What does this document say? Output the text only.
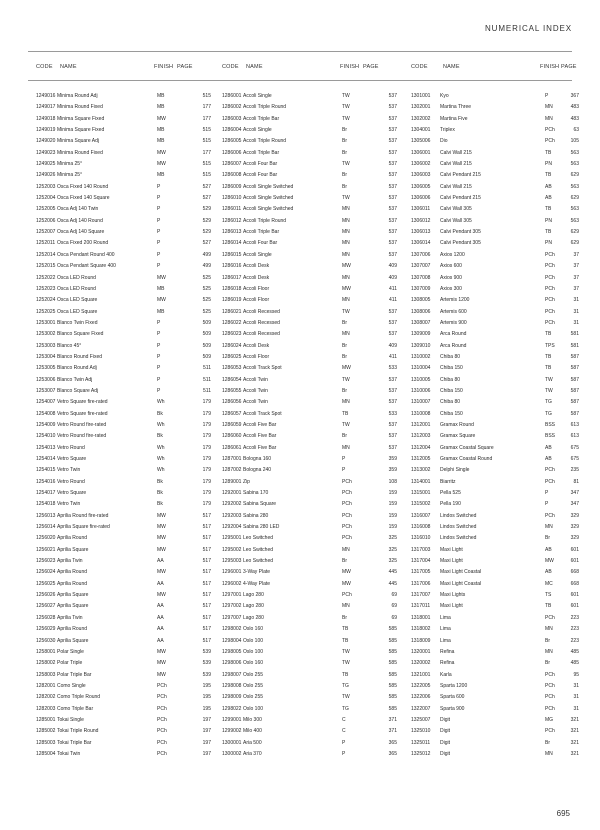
NUMERICAL INDEX
CODE NAME	FINISH PAGE
1249016 Minima Round Adj	MB	515
1249017 Minima Round Fixed	MB	177
1249018 Minima Square Fixed	MW	177
1249019 Minima Square Fixed	MB	515
1249020 Minima Square Adj	MB	515
1249023 Minima Round Fixed	MW	177
1249025 Minima 25°	MW	515
1249026 Minima 25°	MB	515
1252003 Osca Fixed 140 Round	P	527
1252004 Osca Fixed 140 Square	P	527
1252005 Osca Adj 140 Twin	P	529
1252006 Osca Adj 140 Round	P	529
1252007 Osca Adj 140 Square	P	529
1252011 Osca Fixed 200 Round	P	527
1252014 Osca Pendant Round 400	P	499
1252015 Osca Pendant Square 400	P	499
1252022 Osca LED Round	MW	525
1252023 Osca LED Round	MB	525
1252024 Osca LED Square	MW	525
1252025 Osca LED Square	MB	525
1253001 Blanco Twin Fixed	P	509
1253002 Blanco Square Fixed	P	509
1253003 Blanco 45°	P	509
1253004 Blanco Round Fixed	P	509
1253005 Blanco Round Adj	P	511
1253006 Blanco Twin Adj	P	511
1253007 Blanco Square Adj	P	511
1254007 Vetro Square fire-rated	Wh	179
1254008 Vetro Square fire-rated	Bk	179
1254009 Vetro Round fire-rated	Wh	179
1254010 Vetro Round fire-rated	Bk	179
1254013 Vetro Round	Wh	179
1254014 Vetro Square	Wh	179
1254015 Vetro Twin	Wh	179
1254016 Vetro Round	Bk	179
1254017 Vetro Square	Bk	179
1254018 Vetro Twin	Bk	179
1256013 Aprilia Round fire-rated	MW	517
1256014 Aprilia Square fire-rated	MW	517
1256020 Aprilia Round	MW	517
1256021 Aprilia Square	MW	517
1256023 Aprilia Twin	AA	517
1256024 Aprilia Round	MW	517
1256025 Aprilia Round	AA	517
1256026 Aprilia Square	MW	517
1256027 Aprilia Square	AA	517
1256028 Aprilia Twin	AA	517
1256029 Aprilia Round	AA	517
1256030 Aprilia Square	AA	517
1258001 Polar Single	MW	539
1258002 Polar Triple	MW	539
1258003 Polar Triple Bar	MW	539
1282001 Como Single	PCh	195
1282002 Como Triple Round	PCh	195
1282003 Como Triple Bar	PCh	195
1285001 Tokai Single	PCh	197
1285002 Tokai Triple Round	PCh	197
1285003 Tokai Triple Bar	PCh	197
1285004 Tokai Twin	PCh	197
CODE NAME	FINISH PAGE
1286001 Accoli Single	TW	537
1286002 Accoli Triple Round	TW	537
1286003 Accoli Triple Bar	TW	537
1286004 Accoli Single	Br	537
1286005 Accoli Triple Round	Br	537
1286006 Accoli Triple Bar	Br	537
1286007 Accoli Four Bar	TW	537
1286008 Accoli Four Bar	Br	537
1286009 Accoli Single Switched	Br	537
1286010 Accoli Single Switched	TW	537
1286011 Accoli Single Switched	MN	537
1286012 Accoli Triple Round	MN	537
1286013 Accoli Triple Bar	MN	537
1286014 Accoli Four Bar	MN	537
1286015 Accoli Single	MN	537
1286016 Accoli Desk	MW	409
1286017 Accoli Desk	MN	409
1286018 Accoli Floor	MW	411
1286019 Accoli Floor	MN	411
1286021 Accoli Recessed	TW	537
1286022 Accoli Recessed	Br	537
1286023 Accoli Recessed	MN	537
1286024 Accoli Desk	Br	409
1286025 Accoli Floor	Br	411
1286053 Accoli Track Spot	MW	533
1286054 Accoli Twin	TW	537
1286055 Accoli Twin	Br	537
1286056 Accoli Twin	MN	537
1286057 Accoli Track Spot	TB	533
1286059 Accoli Five Bar	TW	537
1286060 Accoli Five Bar	Br	537
1286061 Accoli Five Bar	MN	537
1287001 Bologna 160	P	359
1287002 Bologna 240	P	359
1289001 Zip	PCh	108
1292001 Sabina 170	PCh	159
1292002 Sabina Square	PCh	159
1292003 Sabina 280	PCh	159
1292004 Sabina 280 LED	PCh	159
1295001 Leo Switched	PCh	325
1295002 Leo Switched	MN	325
1295003 Leo Switched	Br	325
1296001 3-Way Plate	MW	445
1296002 4-Way Plate	MW	445
1297001 Lago 280	PCh	69
1297002 Lago 280	MN	69
1297007 Lago 280	Br	69
1298002 Oslo 160	TB	585
1298004 Oslo 100	TB	585
1298005 Oslo 100	TW	585
1298006 Oslo 160	TW	585
1298007 Oslo 255	TB	585
1298008 Oslo 255	TG	585
1298009 Oslo 255	TW	585
1298022 Oslo 100	TG	585
1299001 Milo 300	C	371
1299002 Milo 400	C	371
1300001 Aria 500	P	365
1300002 Aria 370	P	365
CODE	NAME	FINISH PAGE
1301001 Kyo	P	367
1302001 Martina Three	MN	483
1302002 Martina Five	MN	483
1304001 Triplex	PCh	63
1305006 Dio	PCh	105
1306001 Calvi Wall 215	TB	563
1306002 Calvi Wall 215	PN	563
1306003 Calvi Pendant 215	TB	629
1306005 Calvi Wall 215	AB	563
1306006 Calvi Pendant 215	AB	629
1306011 Calvi Wall 305	TB	563
1306012 Calvi Wall 305	PN	563
1306013 Calvi Pendant 305	TB	629
1306014 Calvi Pendant 305	PN	629
1307006 Axios 1200	PCh	37
1307007 Axios 600	PCh	37
1307008 Axios 900	PCh	37
1307009 Axios 300	PCh	37
1308005 Artemis 1200	PCh	31
1308006 Artemis 600	PCh	31
1308007 Artemis 900	PCh	31
1309009 Arca Round	TB	581
1309010 Arca Round	TPS	581
1310002 Chiba 80	TB	587
1310004 Chiba 150	TB	587
1310005 Chiba 80	TW	587
1310006 Chiba 150	TW	587
1310007 Chiba 80	TG	587
1310008 Chiba 150	TG	587
1312001 Gramax Round	BSS	613
1312003 Gramax Square	BSS	613
1312004 Gramax Coastal Square	AB	675
1312005 Gramax Coastal Round	AB	675
1313002 Delphi Single	PCh	235
1314001 Biarritz	PCh	81
1315001 Pella 525	P	347
1315002 Pella 190	P	347
1316007 Lindos Switched	PCh	329
1316008 Lindos Switched	MN	329
1316010 Lindos Switched	Br	329
1317003 Maxi Light	AB	601
1317004 Maxi Light	MW	601
1317005 Maxi Light Coastal	AB	668
1317006 Maxi Light Coastal	MC	668
1317007 Maxi Lights	TS	601
1317011 Maxi Light	TB	601
1318001 Lima	PCh	223
1318002 Lima	MN	223
1318009 Lima	Br	223
1320001 Refina	MN	485
1320002 Refina	Br	485
1321001 Karla	PCh	95
1322005 Sparta 1200	PCh	31
1322006 Sparta 600	PCh	31
1322007 Sparta 900	PCh	31
1325007 Digit	MG	321
1325010 Digit	PCh	321
1325011 Digit	Br	321
1325012 Digit	MN	321
695
